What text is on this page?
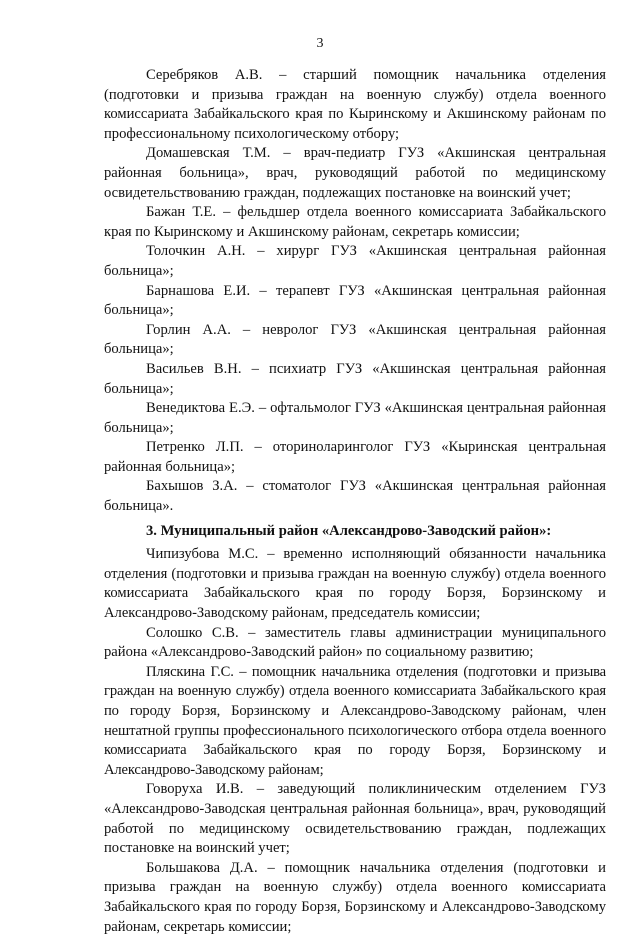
3

Серебряков А.В. – старший помощник начальника отделения (подготовки и призыва граждан на военную службу) отдела военного комиссариата Забайкальского края по Кыринскому и Акшинскому районам по профессиональному психологическому отбору;

Домашевская Т.М. – врач-педиатр ГУЗ «Акшинская центральная районная больница», врач, руководящий работой по медицинскому освидетельствованию граждан, подлежащих постановке на воинский учет;

Бажан Т.Е. – фельдшер отдела военного комиссариата Забайкальского края по Кыринскому и Акшинскому районам, секретарь комиссии;

Толочкин А.Н. – хирург ГУЗ «Акшинская центральная районная больница»;

Барнашова Е.И. – терапевт ГУЗ «Акшинская центральная районная больница»;

Горлин А.А. – невролог ГУЗ «Акшинская центральная районная больница»;

Васильев В.Н. – психиатр ГУЗ «Акшинская центральная районная больница»;

Венедиктова Е.Э. – офтальмолог ГУЗ «Акшинская центральная районная больница»;

Петренко Л.П. – оториноларинголог ГУЗ «Кыринская центральная районная больница»;

Бахышов З.А. – стоматолог ГУЗ «Акшинская центральная районная больница».

3. Муниципальный район «Александрово-Заводский район»:

Чипизубова М.С. – временно исполняющий обязанности начальника отделения (подготовки и призыва граждан на военную службу) отдела военного комиссариата Забайкальского края по городу Борзя, Борзинскому и Александрово-Заводскому районам, председатель комиссии;

Солошко С.В. – заместитель главы администрации муниципального района «Александрово-Заводский район» по социальному развитию;

Пляскина Г.С. – помощник начальника отделения (подготовки и призыва граждан на военную службу) отдела военного комиссариата Забайкальского края по городу Борзя, Борзинскому и Александрово-Заводскому районам, член нештатной группы профессионального психологического отбора отдела военного комиссариата Забайкальского края по городу Борзя, Борзинскому и Александрово-Заводскому районам;

Говоруха И.В. – заведующий поликлиническим отделением ГУЗ «Александрово-Заводская центральная районная больница», врач, руководящий работой по медицинскому освидетельствованию граждан, подлежащих постановке на воинский учет;

Большакова Д.А. – помощник начальника отделения (подготовки и призыва граждан на военную службу) отдела военного комиссариата Забайкальского края по городу Борзя, Борзинскому и Александрово-Заводскому районам, секретарь комиссии;
